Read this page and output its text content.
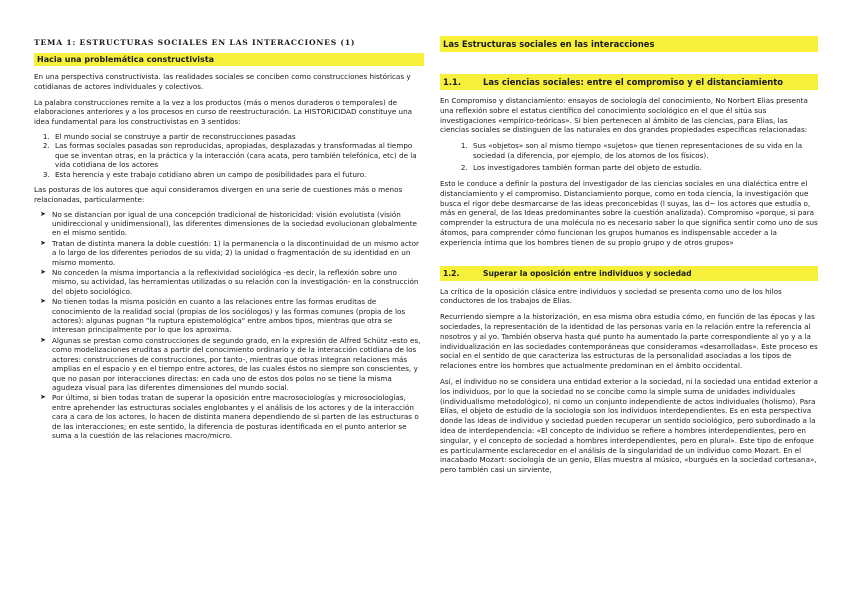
TEMA 1: ESTRUCTURAS SOCIALES EN LAS INTERACCIONES (1)
Hacia una problemática constructivista

En una perspectiva constructivista. las realidades sociales se conciben como construcciones históricas y cotidianas de actores individuales y colectivos.

La palabra construcciones remite a la vez a los productos (más o menos duraderos o temporales) de elaboraciones anteriores y a los procesos en curso de reestructuración. La HISTORICIDAD constituye una idea fundamental para los constructivistas en 3 sentidos:

1. El mundo social se construye a partir de reconstrucciones pasadas
2. Las formas sociales pasadas son reproducidas, apropiadas, desplazadas y transformadas al tiempo que se inventan otras, en la práctica y la interacción (cara acata, pero también telefónica, etc) de la vida cotidiana de los actores
3. Esta herencia y este trabajo cotidiano abren un campo de posibilidades para el futuro.

Las posturas de los autores que aquí consideramos divergen en una serie de cuestiones más o menos relacionadas, particularmente:

➤ No se distancian por igual de una concepción tradicional de historicidad: visión evolutista (visión unidireccional y unidimensional), las diferentes dimensiones de la sociedad evolucionan globalmente en el mismo sentido.
➤ Tratan de distinta manera la doble cuestión: 1) la permanencia o la discontinuidad de un mismo actor a lo largo de los diferentes periodos de su vida; 2) la unidad o fragmentación de su identidad en un mismo momento.
➤ No conceden la misma importancia a la reflexividad sociológica -es decir, la reflexión sobre uno mismo, su actividad, las herramientas utilizadas o su relación con la investigación- en la construcción del objeto sociológico.
➤ No tienen todas la misma posición en cuanto a las relaciones entre las formas eruditas de conocimiento de la realidad social (propias de los sociólogos) y las formas comunes (propia de los actores): algunas pugnan "la ruptura epistemológica" entre ambos tipos, mientras que otra se interesan principalmente por lo que los aproxima.
➤ Algunas se prestan como construcciones de segundo grado, en la expresión de Alfred Schütz -esto es, como modelizaciones eruditas a partir del conocimiento ordinario y de la interacción cotidiana de los actores: construcciones de construcciones, por tanto-, mientras que otras integran relaciones más amplias en el espacio y en el tiempo entre actores, de las cuales éstos no siempre son conscientes, y que no pasan por interacciones directas: en cada uno de estos dos polos no se tiene la misma agudeza visual para las diferentes dimensiones del mundo social.
➤ Por último, si bien todas tratan de superar la oposición entre macrosociologías y microsociologías, entre aprehender las estructuras sociales englobantes y el análisis de los actores y de la interacción cara a cara de los actores, lo hacen de distinta manera dependiendo de si parten de las estructuras o de las interacciones; en este sentido, la diferencia de posturas identificada en el punto anterior se suma a la cuestión de las relaciones macro/micro.
Las Estructuras sociales en las interacciones
1.1.	Las ciencias sociales: entre el compromiso y el distanciamiento

En Compromiso y distanciamiento: ensayos de sociología del conocimiento, No Norbert Elias presenta una reflexión sobre el estatus científico del conocimiento sociológico en el que él sitúa sus investigaciones «empírico-teóricas». Si bien pertenecen al ámbito de las ciencias, para Elias, las ciencias sociales se distinguen de las naturales en dos grandes propiedades específicas relacionadas:

1. Sus «objetos» son al mismo tiempo «sujetos» que tienen representaciones de su vida en la sociedad (a diferencia, por ejemplo, de los atomos de los físicos).
2. Los investigadores también forman parte del objeto de estudio.

Esto le conduce a definir la postura del investigador de las ciencias sociales en una dialéctica entre el distanciamiento y el compromiso. Distanciamiento porque, como en toda ciencia, la investigación que busca el rigor debe desmarcarse de las ideas preconcebidas (l suyas, las d~ los actores que estudia o, más en general, de las Ideas predominantes sobre la cuestión analizada). Compromiso «porque, si para comprender la estructura de una molécula no es necesario saber lo que significa sentir como uno de sus átomos, para comprender cómo funcionan los grupos humanos es indispensable acceder a la experiencia íntima que los hombres tienen de su propio grupo y de otros grupos»

1.2.	Superar la oposición entre individuos y sociedad

La crítica de la oposición clásica entre individuos y sociedad se presenta como uno de los hilos conductores de los trabajos de Elias.

Recurriendo siempre a la historización, en esa misma obra estudia cómo, en función de las épocas y las sociedades, la representación de la identidad de las personas varía en la relación entre la referencia al nosotros y al yo. También observa hasta qué punto ha aumentado la parte correspondiente al yo y a la individualización en las sociedades contemporáneas que consideramos «desarrolladas». Este proceso es social en el sentido de que caracteriza las estructuras de la personalidad asociadas a los tipos de relaciones entre los hombres que actualmente predominan en el ámbito occidental.

Así, el individuo no se considera una entidad exterior a la sociedad, ni la sociedad una entidad exterior a los individuos, por lo que la sociedad no se concibe como la simple suma de unidades individuales (individualismo metodológico), ni como un conjunto independiente de actos individuales (holismo). Para Elías, el objeto de estudio de la sociología son los individuos interdependientes. Es en esta perspectiva donde las ideas de individuo y sociedad pueden recuperar un sentido sociológico, pero subordinado a la idea de interdependencia: «El concepto de individuo se refiere a hombres interdependientes, pero en singular, y el concepto de sociedad a hombres interdependientes, pero en plural». Este tipo de enfoque es particularmente esclarecedor en el análisis de la singularidad de un individuo como Mozart. En el inacabado Mozart: sociología de un genio, Elías muestra al músico, «burgués en la sociedad cortesana», pero también casi un sirviente,
